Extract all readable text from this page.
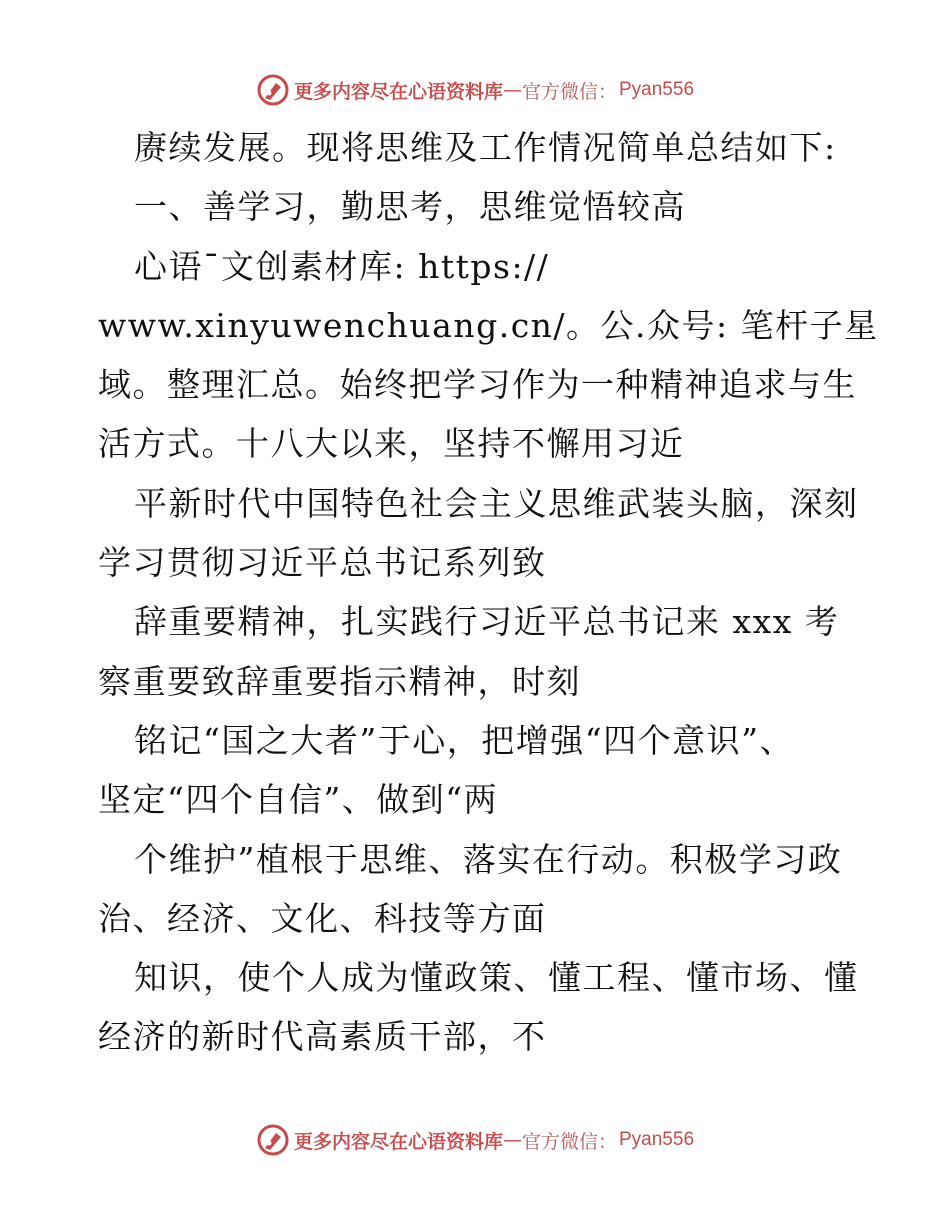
更多内容尽在心语资料库 — 官方微信： Pyan556
赓续发展。现将思维及工作情况简单总结如下:
一、善学习，勤思考，思维觉悟较高
心语¯文创素材库: https://
www.xinyuwenchuang.cn/。公.众号: 笔杆子星
域。整理汇总。始终把学习作为一种精神追求与生
活方式。十八大以来，坚持不懈用习近
平新时代中国特色社会主义思维武装头脑，深刻
学习贯彻习近平总书记系列致
辞重要精神，扎实践行习近平总书记来 xxx 考
察重要致辞重要指示精神，时刻
铭记“国之大者”于心，把增强“四个意识”、
坚定“四个自信”、做到“两
个维护”植根于思维、落实在行动。积极学习政
治、经济、文化、科技等方面
知识，使个人成为懂政策、懂工程、懂市场、懂
经济的新时代高素质干部，不
更多内容尽在心语资料库 — 官方微信： Pyan556
